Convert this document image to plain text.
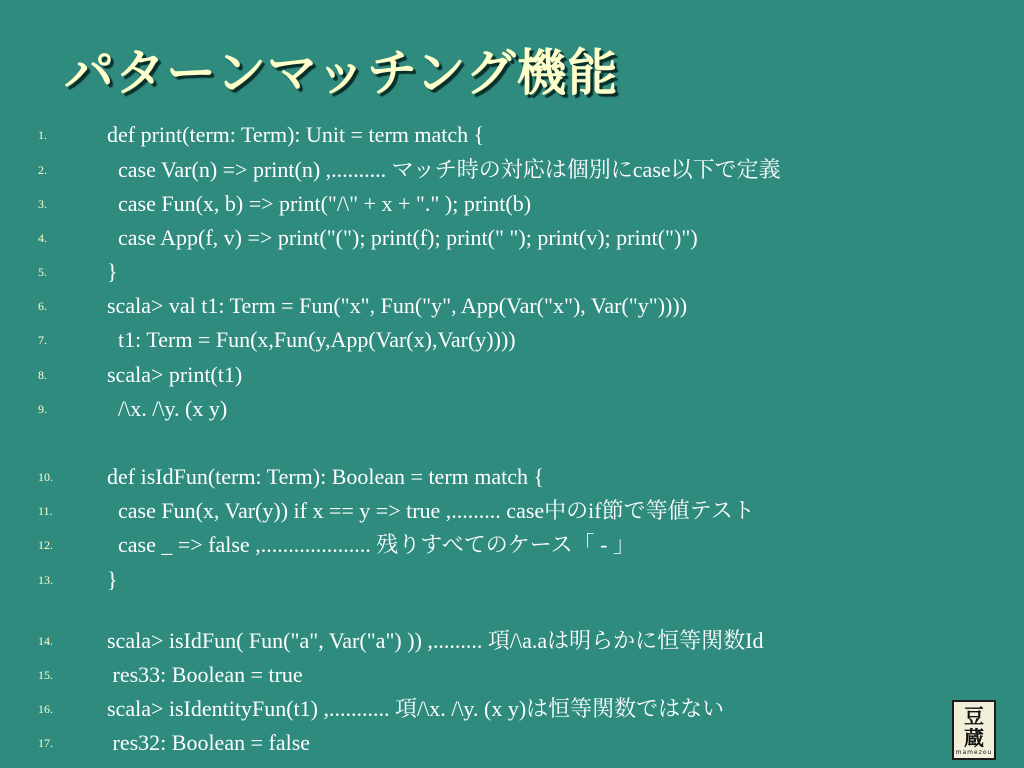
パターンマッチング機能
1.	def print(term: Term): Unit = term match {
2.	case Var(n) => print(n) ,.......... マッチ時の対応は個別にcase以下で定義
3.	case Fun(x, b) => print("/\" + x + "." ); print(b)
4.	case App(f, v) => print("("); print(f); print(" "); print(v); print(")")
5.	}
6.	scala> val t1: Term = Fun("x", Fun("y", App(Var("x"), Var("y"))))
7.	t1: Term = Fun(x,Fun(y,App(Var(x),Var(y))))
8.	scala> print(t1)
9.	/\x. /\y. (x y)
10.	def isIdFun(term: Term): Boolean = term match {
11.	case Fun(x, Var(y)) if x == y => true ,......... case中のif節で等値テスト
12.	case _ => false ,.................... 残りすべてのケース「 - 」
13.	}
14.	scala> isIdFun( Fun("a", Var("a") )) ,......... 項/\a.aは明らかに恒等関数Id
15.	res33: Boolean = true
16.	scala> isIdentityFun(t1) ,........... 項/\x. /\y. (x y)は恒等関数ではない
17.	res32: Boolean = false
豆
蔵
mamezou
